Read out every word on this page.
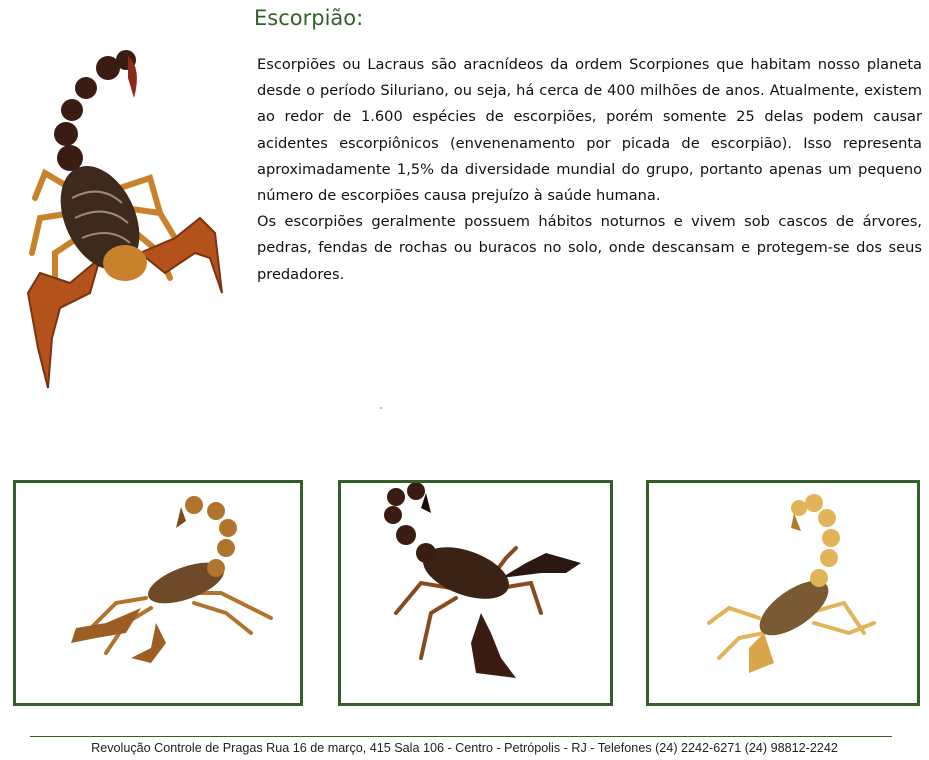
Escorpião:

Escorpiões ou Lacraus são aracnídeos da ordem Scorpiones que habitam nosso planeta desde o período Siluriano, ou seja, há cerca de 400 milhões de anos. Atualmente, existem ao redor de 1.600 espécies de escorpiões, porém somente 25 delas podem causar acidentes escorpiônicos (envenenamento por picada de escorpião). Isso representa aproximadamente 1,5% da diversidade mundial do grupo, portanto apenas um pequeno número de escorpiões causa prejuízo à saúde humana.

Os escorpiões geralmente possuem hábitos noturnos e vivem sob cascos de árvores, pedras, fendas de rochas ou buracos no solo, onde descansam e protegem-se dos seus predadores.

Revolução Controle de Pragas Rua 16 de março, 415 Sala 106 - Centro - Petrópolis - RJ - Telefones (24) 2242-6271 (24) 98812-2242
